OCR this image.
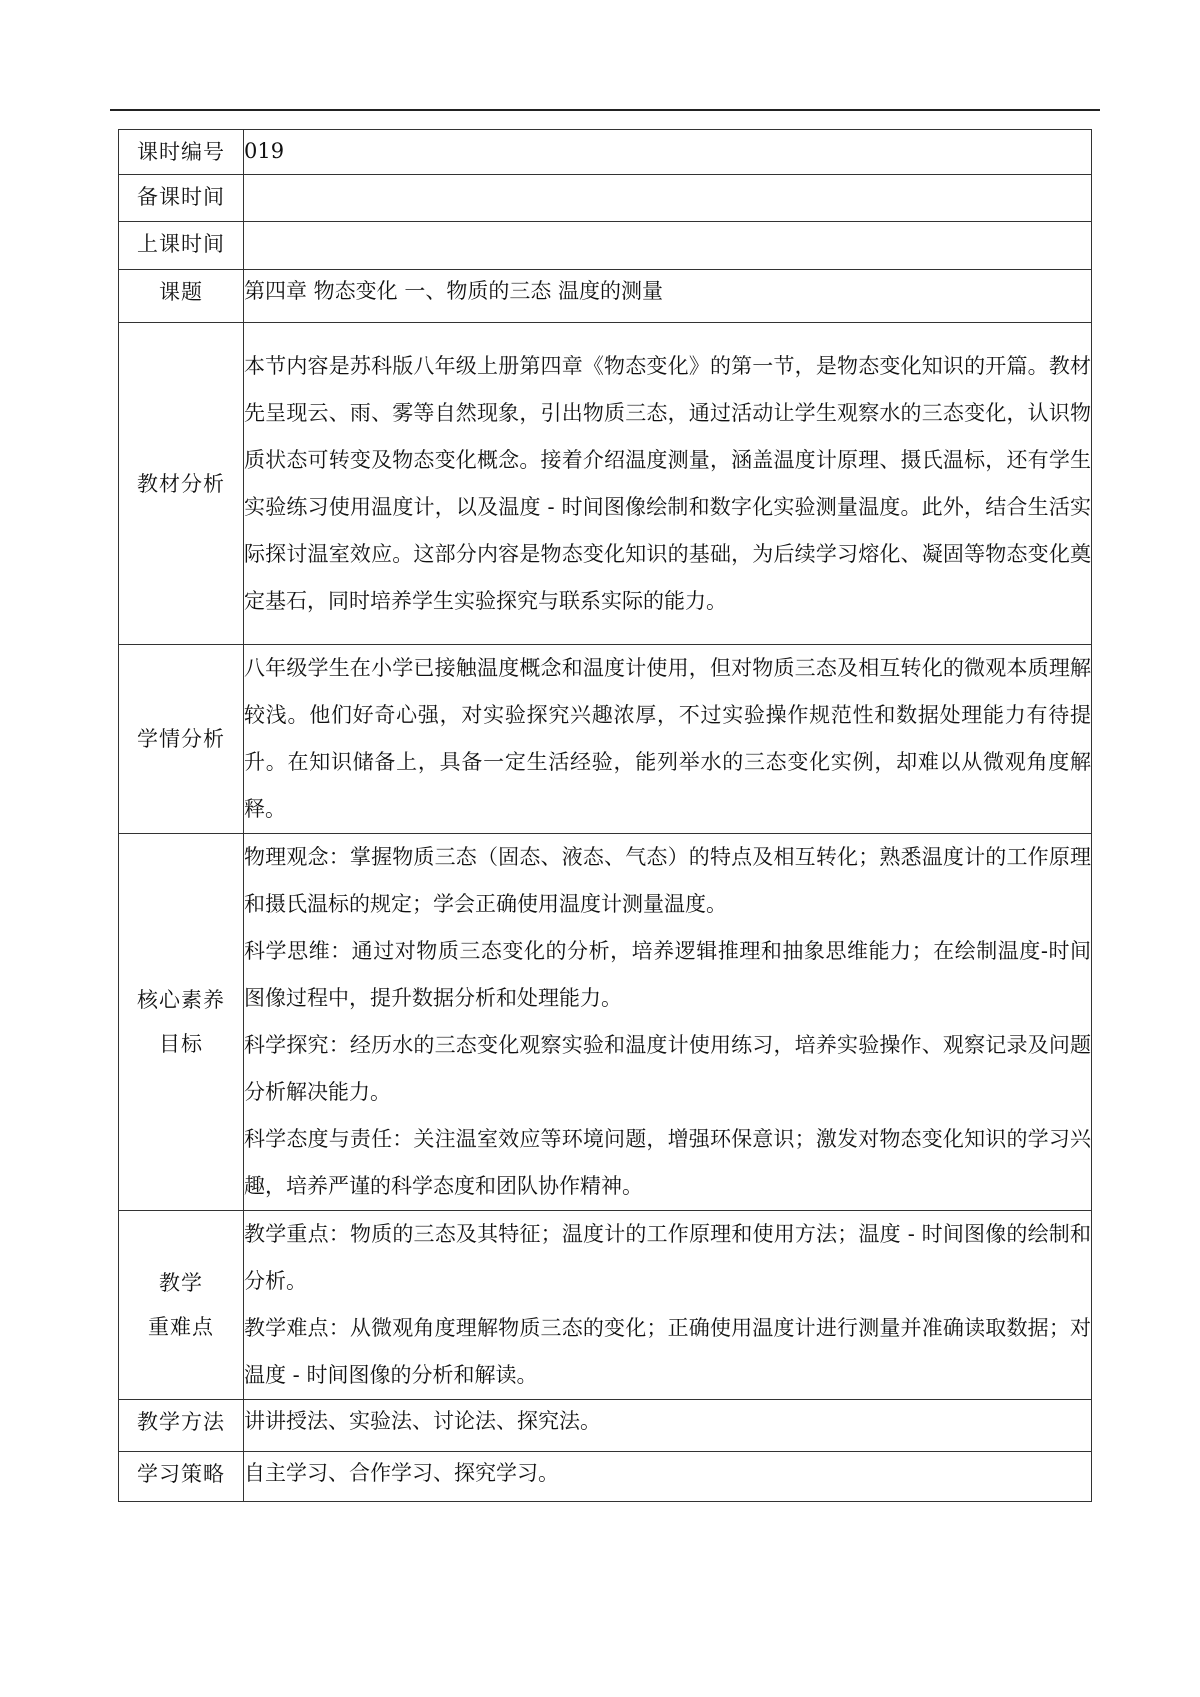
课时编号	019
备课时间	
上课时间	
课题	第四章 物态变化 一、物质的三态 温度的测量
教材分析	本节内容是苏科版八年级上册第四章《物态变化》的第一节，是物态变化知识的开篇。教材先呈现云、雨、雾等自然现象，引出物质三态，通过活动让学生观察水的三态变化，认识物质状态可转变及物态变化概念。接着介绍温度测量，涵盖温度计原理、摄氏温标，还有学生实验练习使用温度计，以及温度 - 时间图像绘制和数字化实验测量温度。此外，结合生活实际探讨温室效应。这部分内容是物态变化知识的基础，为后续学习熔化、凝固等物态变化奠定基石，同时培养学生实验探究与联系实际的能力。
学情分析	八年级学生在小学已接触温度概念和温度计使用，但对物质三态及相互转化的微观本质理解较浅。他们好奇心强，对实验探究兴趣浓厚，不过实验操作规范性和数据处理能力有待提升。在知识储备上，具备一定生活经验，能列举水的三态变化实例，却难以从微观角度解释。

核心素养
目标	物理观念：掌握物质三态（固态、液态、气态）的特点及相互转化；熟悉温度计的工作原理和摄氏温标的规定；学会正确使用温度计测量温度。
科学思维：通过对物质三态变化的分析，培养逻辑推理和抽象思维能力；在绘制温度-时间图像过程中，提升数据分析和处理能力。
科学探究：经历水的三态变化观察实验和温度计使用练习，培养实验操作、观察记录及问题分析解决能力。
科学态度与责任：关注温室效应等环境问题，增强环保意识；激发对物态变化知识的学习兴趣，培养严谨的科学态度和团队协作精神。

教学
重难点	教学重点：物质的三态及其特征；温度计的工作原理和使用方法；温度 - 时间图像的绘制和分析。
教学难点：从微观角度理解物质三态的变化；正确使用温度计进行测量并准确读取数据；对温度 - 时间图像的分析和解读。

教学方法	讲讲授法、实验法、讨论法、探究法。
学习策略	自主学习、合作学习、探究学习。
